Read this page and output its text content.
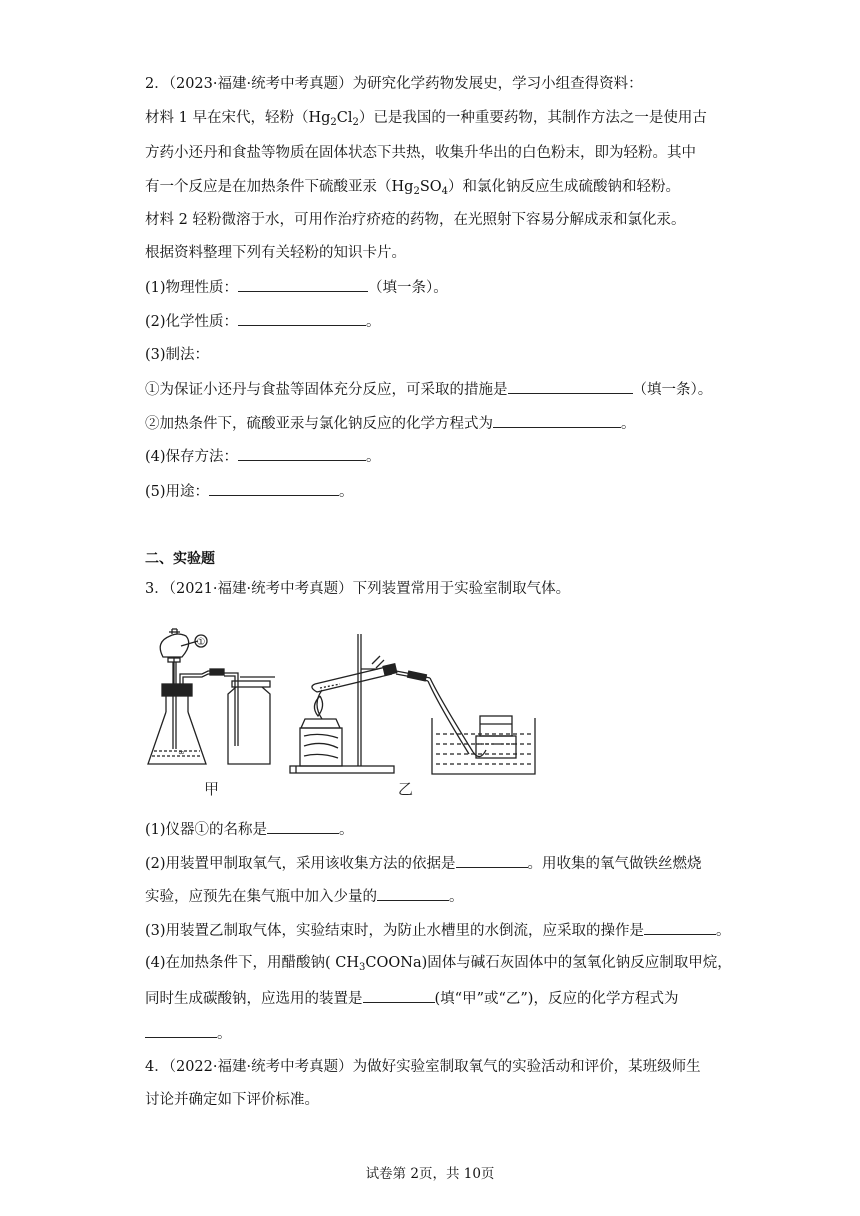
2．（2023·福建·统考中考真题）为研究化学药物发展史，学习小组查得资料：
材料 1 早在宋代，轻粉$(Hg_2Cl_2)$已是我国的一种重要药物，其制作方法之一是使用古
方药小还丹和食盐等物质在固体状态下共热，收集升华出的白色粉末，即为轻粉。其中
有一个反应是在加热条件下硫酸亚汞$(Hg_2SO_4)$和氯化钠反应生成硫酸钠和轻粉。
材料 2 轻粉微溶于水，可用作治疗疥疮的药物，在光照射下容易分解成汞和氯化汞。
根据资料整理下列有关轻粉的知识卡片。
(1)物理性质：	（填一条）。
(2)化学性质：	。
(3)制法：
①为保证小还丹与食盐等固体充分反应，可采取的措施是	（填一条）。
②加热条件下，硫酸亚汞与氯化钠反应的化学方程式为	。
(4)保存方法：	。
(5)用途：	。
二、实验题
3．（2021·福建·统考中考真题）下列装置常用于实验室制取气体。
①
∞
甲	乙
(1)仪器①的名称是	。
(2)用装置甲制取氧气，采用该收集方法的依据是	。用收集的氧气做铁丝燃烧
实验，应预先在集气瓶中加入少量的	。
(3)用装置乙制取气体，实验结束时，为防止水槽里的水倒流，应采取的操作是	。
(4)在加热条件下，用醋酸钠( $CH_3COONa$)固体与碱石灰固体中的氢氧化钠反应制取甲烷，
同时生成碳酸钠，应选用的装置是	(填“甲”或“乙”)，反应的化学方程式为
。
4．（2022·福建·统考中考真题）为做好实验室制取氧气的实验活动和评价，某班级师生
讨论并确定如下评价标准。
试卷第 2页，共 10页
